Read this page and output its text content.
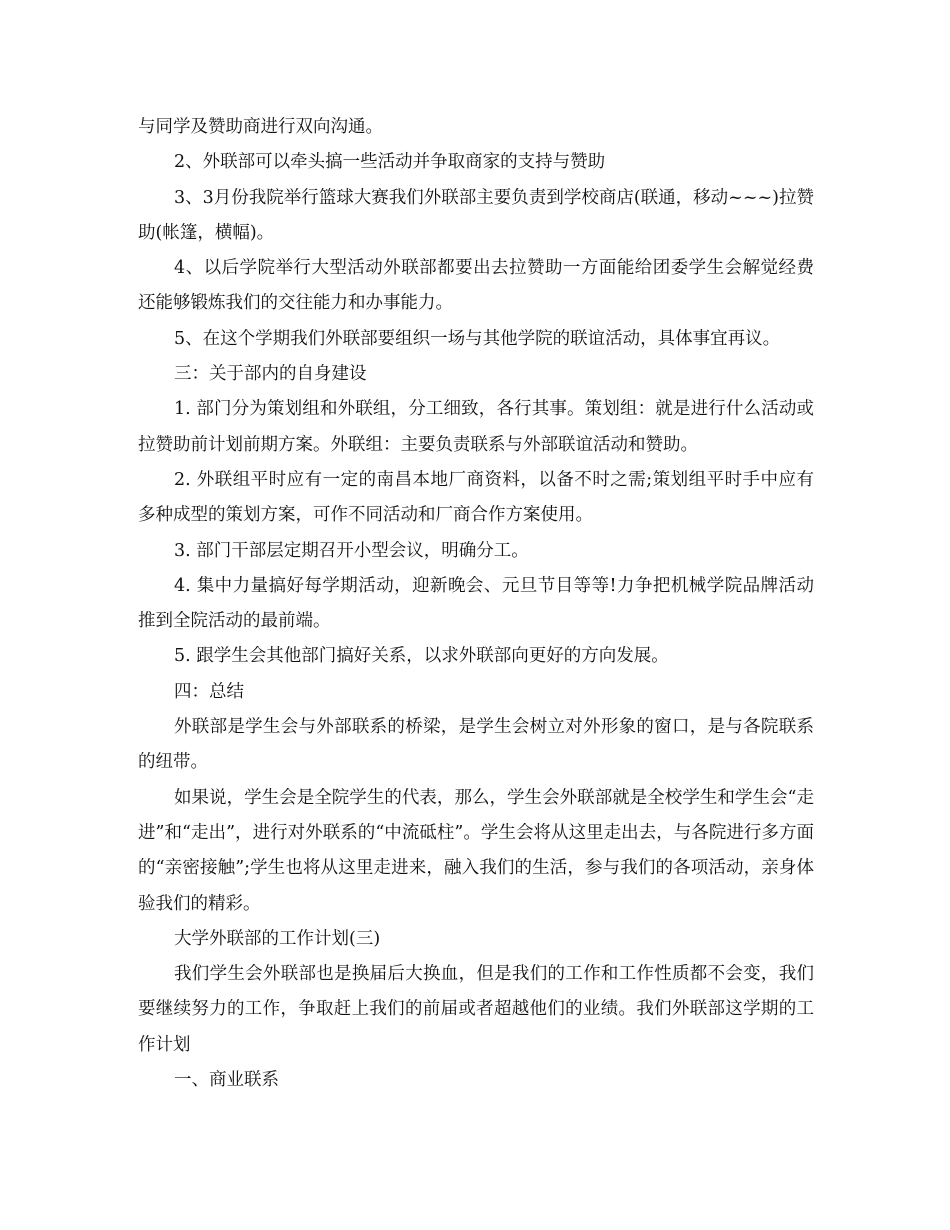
与同学及赞助商进行双向沟通。

2、外联部可以牵头搞一些活动并争取商家的支持与赞助

3、3月份我院举行篮球大赛我们外联部主要负责到学校商店(联通，移动~~~)拉赞助(帐篷，横幅)。

4、以后学院举行大型活动外联部都要出去拉赞助一方面能给团委学生会解觉经费还能够锻炼我们的交往能力和办事能力。

5、在这个学期我们外联部要组织一场与其他学院的联谊活动，具体事宜再议。

三：关于部内的自身建设

1. 部门分为策划组和外联组，分工细致，各行其事。策划组：就是进行什么活动或拉赞助前计划前期方案。外联组：主要负责联系与外部联谊活动和赞助。

2. 外联组平时应有一定的南昌本地厂商资料，以备不时之需;策划组平时手中应有多种成型的策划方案，可作不同活动和厂商合作方案使用。

3. 部门干部层定期召开小型会议，明确分工。

4. 集中力量搞好每学期活动，迎新晚会、元旦节目等等!力争把机械学院品牌活动推到全院活动的最前端。

5. 跟学生会其他部门搞好关系，以求外联部向更好的方向发展。

四：总结

外联部是学生会与外部联系的桥梁，是学生会树立对外形象的窗口，是与各院联系的纽带。

如果说，学生会是全院学生的代表，那么，学生会外联部就是全校学生和学生会“走进”和“走出”，进行对外联系的“中流砥柱”。学生会将从这里走出去，与各院进行多方面的“亲密接触”;学生也将从这里走进来，融入我们的生活，参与我们的各项活动，亲身体验我们的精彩。

大学外联部的工作计划(三)

我们学生会外联部也是换届后大换血，但是我们的工作和工作性质都不会变，我们要继续努力的工作，争取赶上我们的前届或者超越他们的业绩。我们外联部这学期的工作计划

一、商业联系
